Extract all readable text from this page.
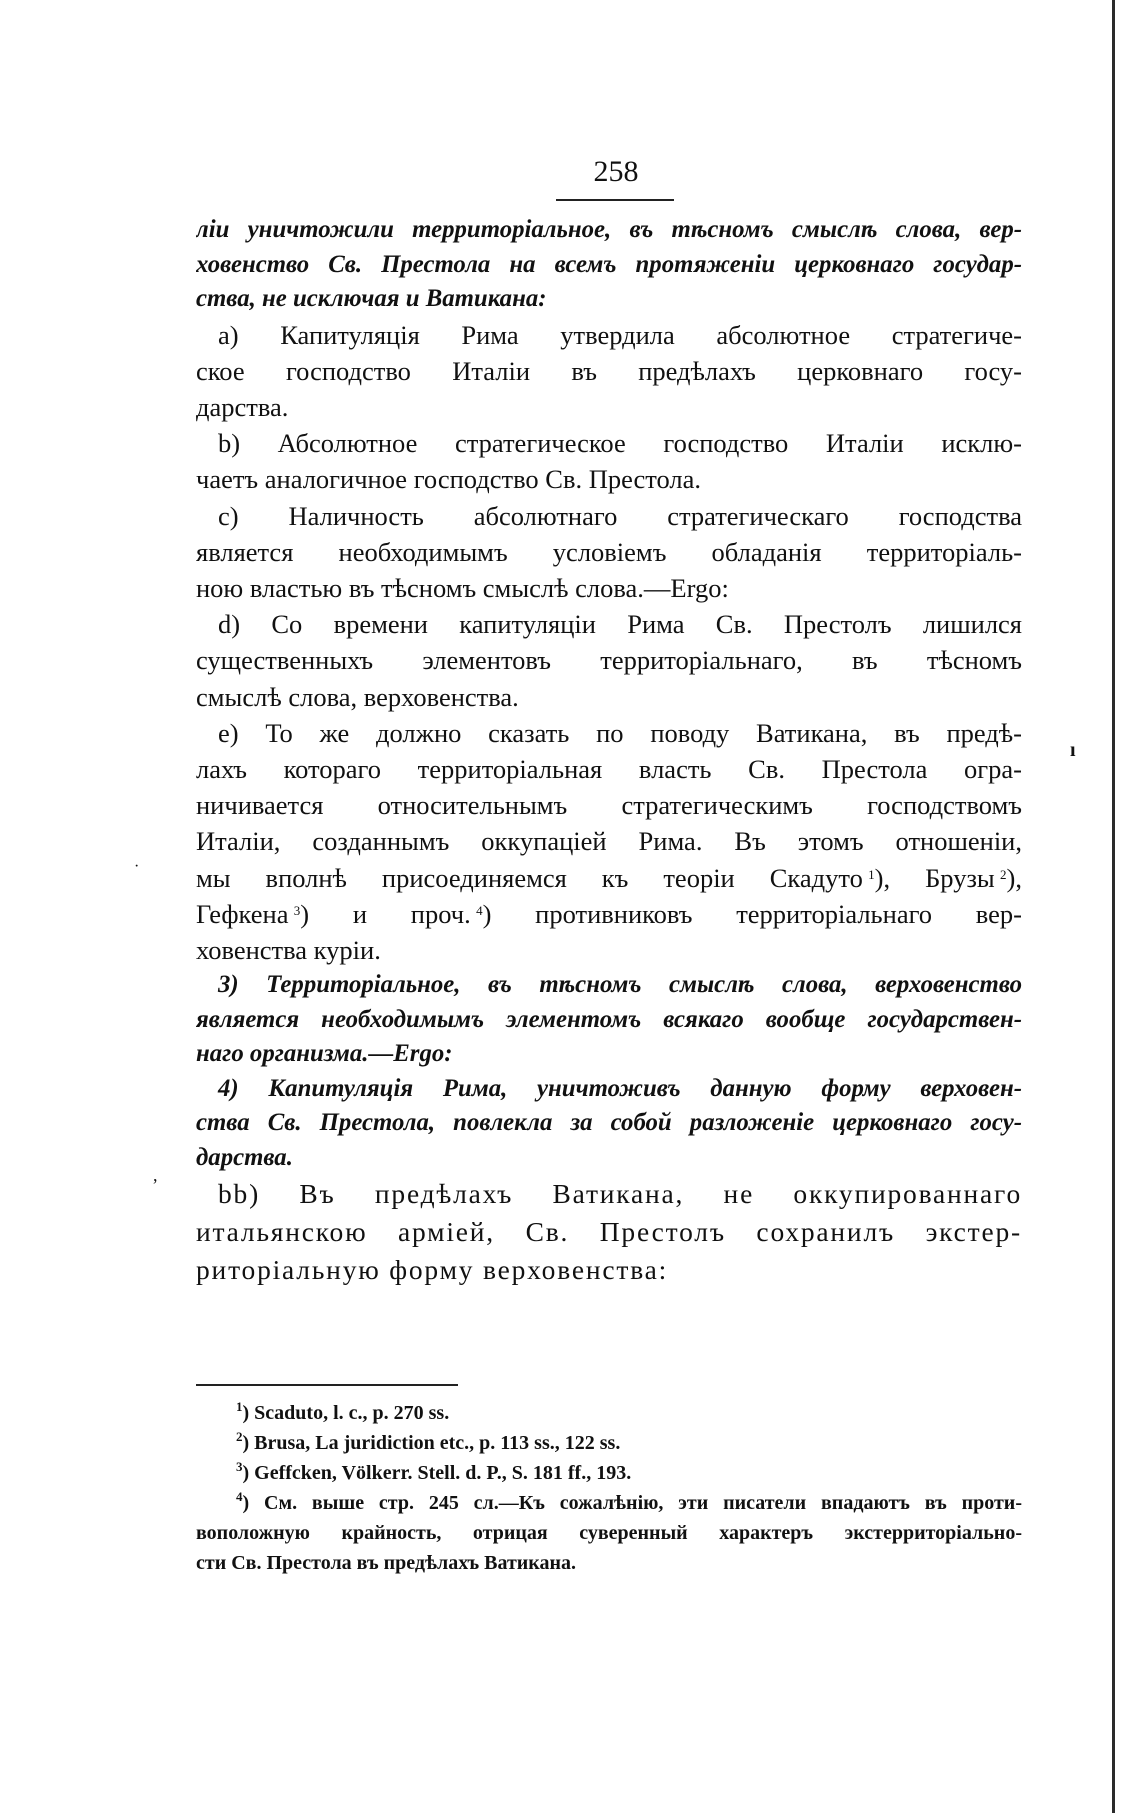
258
ліи уничтожили территоріальное, въ тѣсномъ смыслѣ слова, вер-
ховенство Св. Престола на всемъ протяженіи церковнаго государ-
ства, не исключая и Ватикана:
a) Капитуляція Рима утвердила абсолютное стратегиче-
ское господство Италіи въ предѣлахъ церковнаго госу-
дарства.
b) Абсолютное стратегическое господство Италіи исклю-
чаетъ аналогичное господство Св. Престола.
c) Наличность абсолютнаго стратегическаго господства
является необходимымъ условіемъ обладанія территоріаль-
ною властью въ тѣсномъ смыслѣ слова.—Ergo:
d) Со времени капитуляціи Рима Св. Престолъ лишился
существенныхъ элементовъ территоріальнаго, въ тѣсномъ
смыслѣ слова, верховенства.
e) То же должно сказать по поводу Ватикана, въ предѣ-
лахъ котораго территоріальная власть Св. Престола огра-
ничивается относительнымъ стратегическимъ господствомъ
Италіи, созданнымъ оккупаціей Рима. Въ этомъ отношеніи,
мы вполнѣ присоединяемся къ теоріи Скадуто  $^1$), Брузы  $^2$),
Гефкена  $^3$) и проч.  $^4$) противниковъ территоріальнаго вер-
ховенства куріи.
3) Территоріальное, въ тѣсномъ смыслѣ слова, верховенство
является необходимымъ элементомъ всякаго вообще государствен-
наго организма.—Ergo:
4) Капитуляція Рима, уничтоживъ данную форму верховен-
ства Св. Престола, повлекла за собой разложеніе церковнаго госу-
дарства.
bb) Въ предѣлахъ Ватикана, не оккупированнаго
итальянскою арміей, Св. Престолъ сохранилъ экстер-
риторіальную форму верховенства:
$^1$) Scaduto, l. c., p. 270 ss.
$^2$) Brusa, La juridiction etc., p. 113 ss., 122 ss.
$^3$) Geffcken, Völkerr. Stell. d. P., S. 181 ff., 193.
$^4$) См. выше стр. 245 сл.—Къ сожалѣнію, эти писатели впадаютъ въ проти-
воположную крайность, отрицая суверенный характеръ экстерриторіально-
сти Св. Престола въ предѣлахъ Ватикана.
ı
·
,
